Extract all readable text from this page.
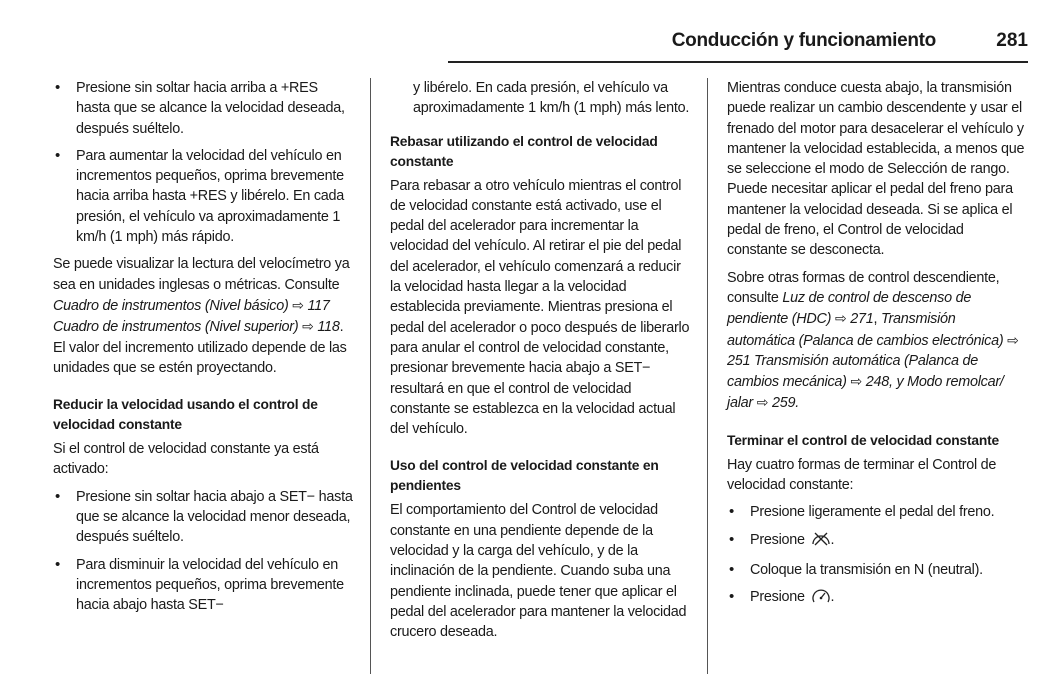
Conducción y funcionamiento	281
• Presione sin soltar hacia arriba a +RES hasta que se alcance la velocidad deseada, después suéltelo.
• Para aumentar la velocidad del vehículo en incrementos pequeños, oprima brevemente hacia arriba hasta +RES y libérelo. En cada presión, el vehículo va aproximadamente 1 km/h (1 mph) más rápido.

Se puede visualizar la lectura del velocímetro ya sea en unidades inglesas o métricas. Consulte Cuadro de instrumentos (Nivel básico) ⇨ 117 Cuadro de instrumentos (Nivel superior) ⇨ 118. El valor del incremento utilizado depende de las unidades que se estén proyectando.

Reducir la velocidad usando el control de velocidad constante

Si el control de velocidad constante ya está activado:

• Presione sin soltar hacia abajo a SET− hasta que se alcance la velocidad menor deseada, después suéltelo.
• Para disminuir la velocidad del vehículo en incrementos pequeños, oprima brevemente hacia abajo hasta SET−
y libérelo. En cada presión, el vehículo va aproximadamente 1 km/h (1 mph) más lento.
Rebasar utilizando el control de velocidad constante

Para rebasar a otro vehículo mientras el control de velocidad constante está activado, use el pedal del acelerador para incrementar la velocidad del vehículo. Al retirar el pie del pedal del acelerador, el vehículo comenzará a reducir la velocidad hasta llegar a la velocidad establecida previamente. Mientras presiona el pedal del acelerador o poco después de liberarlo para anular el control de velocidad constante, presionar brevemente hacia abajo a SET− resultará en que el control de velocidad constante se establezca en la velocidad actual del vehículo.

Uso del control de velocidad constante en pendientes

El comportamiento del Control de velocidad constante en una pendiente depende de la velocidad y la carga del vehículo, y de la inclinación de la pendiente. Cuando suba una pendiente inclinada, puede tener que aplicar el pedal del acelerador para mantener la velocidad crucero deseada.

Mientras conduce cuesta abajo, la transmisión puede realizar un cambio descendente y usar el frenado del motor para desacelerar el vehículo y mantener la velocidad establecida, a menos que se seleccione el modo de Selección de rango. Puede necesitar aplicar el pedal del freno para mantener la velocidad deseada. Si se aplica el pedal de freno, el Control de velocidad constante se desconecta.

Sobre otras formas de control descendiente, consulte Luz de control de descenso de pendiente (HDC) ⇨ 271, Transmisión automática (Palanca de cambios electrónica) ⇨ 251 Transmisión automática (Palanca de cambios mecánica) ⇨ 248, y Modo remolcar/ jalar ⇨ 259.

Terminar el control de velocidad constante

Hay cuatro formas de terminar el Control de velocidad constante:

• Presione ligeramente el pedal del freno.
• Presione .
• Coloque la transmisión en N (neutral).
• Presione .
